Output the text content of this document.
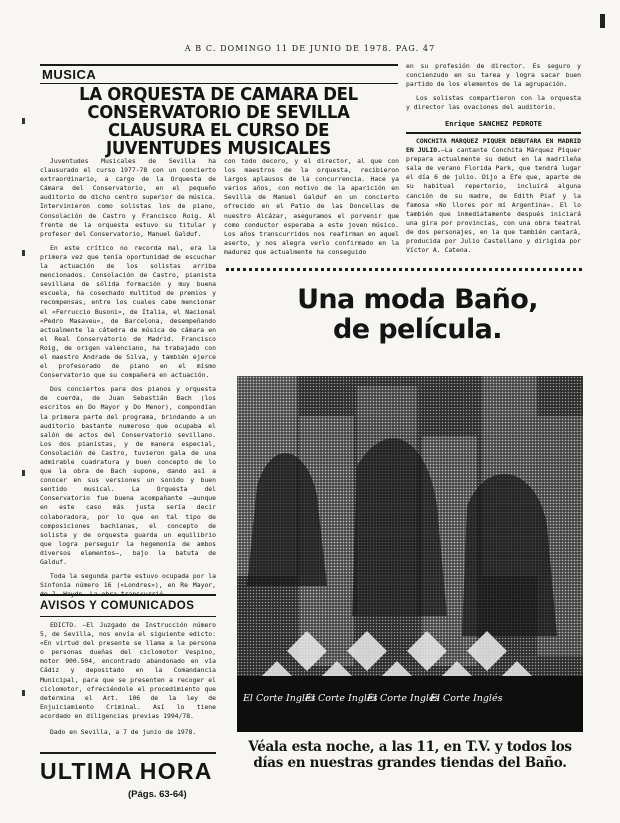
A B C. DOMINGO 11 DE JUNIO DE 1978. PAG. 47
MUSICA
LA ORQUESTA DE CAMARA DEL CONSERVATORIO DE SEVILLA CLAUSURA EL CURSO DE JUVENTUDES MUSICALES

Juventudes Musicales de Sevilla ha clausurado el curso 1977-78 con un concierto extraordinario, a cargo de la Orquesta de Cámara del Conservatorio, en el pequeño auditorio de dicho centro superior de música. Intervinieron como solistas los de piano, Consolación de Castro y Francisco Roig. Al frente de la orquesta estuvo su titular y profesor del Conservatorio, Manuel Galduf.

En este crítico no recorda mal, era la primera vez que tenía oportunidad de escuchar la actuación de los solistas arriba mencionados. Consolación de Castro, pianista sevillana de sólida formación y muy buena escuela, ha cosechado multitud de premios y recompensas, entre los cuales cabe mencionar el «Ferruccio Busoni», de Italia, el Nacional «Pedro Masaveu», de Barcelona, desempeñando actualmente la cátedra de música de cámara en el Real Conservatorio de Madrid. Francisco Roig, de origen valenciano, ha trabajado con el maestro Andrade de Silva, y también ejerce el profesorado de piano en el mismo Conservatorio que su compañera en actuación.

Dos conciertos para dos pianos y orquesta de cuerda, de Juan Sebastián Bach (los escritos en Do Mayor y Do Menor), compondían la primera parte del programa, brindando a un auditorio bastante numeroso que ocupaba el salón de actos del Conservatorio sevillano. Los dos pianistas, y de manera especial, Consolación de Castro, tuvieron gala de una admirable cuadratura y buen concepto de lo que la obra de Bach supone, dando así a conocer en sus versiones un sonido y buen sentido musical. La Orquesta del Conservatorio fue buena acompañante —aunque en este caso más justa sería decir colaboradora, por lo que en tal tipo de composiciones bachianas, el concepto de solista y de orquesta guarda un equilibrio que logra perseguir la hegemonía de ambos diversos elementos—, bajo la batuta de Galduf.

Toda la segunda parte estuvo ocupada por la Sinfonía número 16 («Londres»), en Re Mayor,

con todo decoro, y el director, al que con los maestros de la orquesta, recibieron largos aplausos de la concurrencia. Hace ya varios años, con motivo de la aparición en Sevilla de Manuel Galduf en un concierto ofrecido en el Patio de las Doncellas de nuestro Alcázar, aseguramos el porvenir que como conductor esperaba a este joven músico. Los años transcurridos nos reafirman en aquel aserto, y nos alegra verlo confirmado en la madurez que actualmente ha conseguido

en su profesión de director. Es seguro y concienzudo en su tarea y logra sacar buen partido de los elementos de la agrupación.

Los solistas compartieron con la orquesta y director las ovaciones del auditorio.

Enrique SANCHEZ PEDROTE

CONCHITA MARQUEZ PIQUER DEBUTARA EN MADRID EN JULIO.—La cantante Conchita Márquez Piquer prepara actualmente su debut en la madrileña sala de verano Florida Park, que tendrá lugar el día 6 de julio. Dijo a Efe que, aparte de su habitual repertorio, incluirá alguna canción de su madre, de Edith Piaf y la famosa «No llores por mí Argentina». El lo también que inmediatamente después iniciará una gira por provincias, con una obra teatral de dos personajes, en la que también cantará, producida por Julio Castellano y dirigida por Víctor A. Catena.

Una moda Baño,
de película.
El Corte Inglés
El Corte Inglés
El Corte Inglés
El Corte Inglés
Véala esta noche, a las 11, en T.V. y todos los días en nuestras grandes tiendas del Baño.
AVISOS Y COMUNICADOS

EDICTO. —El Juzgado de Instrucción número 5, de Sevilla, nos envía el siguiente edicto: «En virtud del presente se llama a la persona o personas dueñas del ciclomotor Vespino, motor 900.504, encontrado abandonado en vía Cádiz y depositado en la Comandancia Municipal, para que se presenten a recoger el ciclomotor, ofreciéndole el procedimiento que determina el Art. 106 de la ley de Enjuiciamiento Criminal. Así lo tiene acordado en diligencias previas 1994/78.

Dado en Sevilla, a 7 de junio de 1978.
ULTIMA HORA
(Págs. 63-64)
